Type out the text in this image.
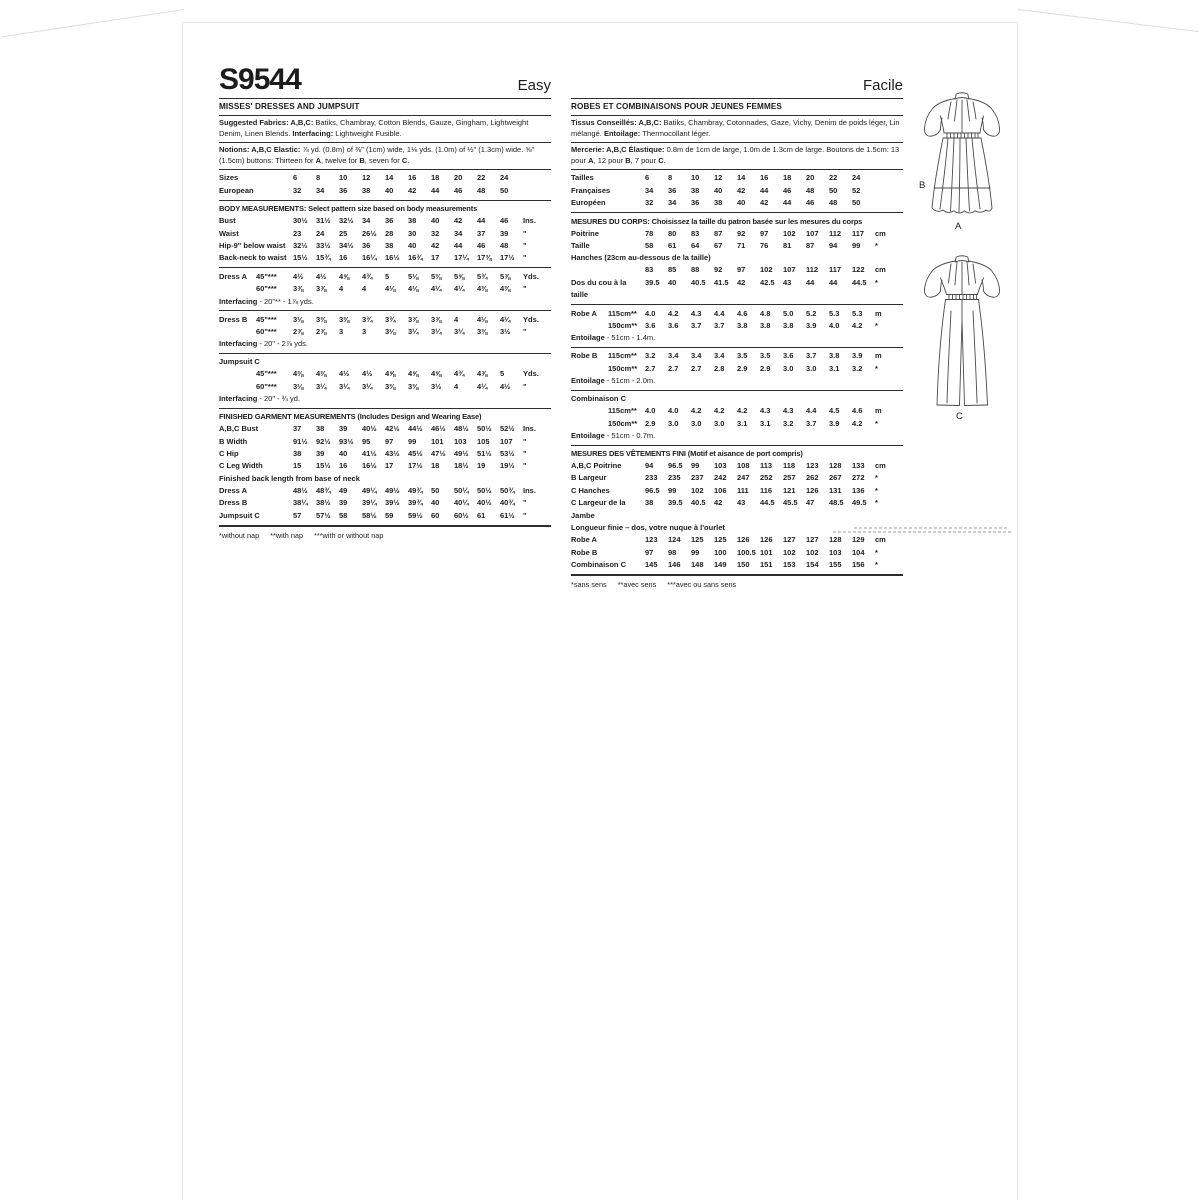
S9544	Easy
MISSES' DRESSES AND JUMPSUIT
Suggested Fabrics: A,B,C: Batiks, Chambray, Cotton Blends, Gauze, Gingham, Lightweight Denim, Linen Blends. Interfacing: Lightweight Fusible.
Notions: A,B,C Elastic: ⅞ yd. (0.8m) of ⅜" (1cm) wide, 1⅛ yds. (1.0m) of ½" (1.3cm) wide. ⅝" (1.5cm) buttons: Thirteen for A, twelve for B, seven for C.
Sizes	6	8	10	12	14	16	18	20	22	24
European	32	34	36	38	40	42	44	46	48	50
BODY MEASUREMENTS: Select pattern size based on body measurements
Bust	30½	31½	32½	34	36	38	40	42	44	46	Ins.
Waist	23	24	25	26½	28	30	32	34	37	39	"
Hip-9" below waist	32½	33½	34½	36	38	40	42	44	46	48	"
Back-neck to waist 15½	15¾	16	16¼	16½	16¾	17	17¼	17⅜	17½	"
Dress A	45"***	4½	4½	4⅝	4¾	5	5⅛	5⅜	5⅝	5¾	5⅞	Yds.
60"***	3⅞	3⅞	4	4	4⅛	4⅛	4¼	4¼	4⅜	4⅜	"
Interfacing - 20"** - 1⅞ yds.
Dress B	45"***	3⅛	3⅜	3⅜	3¾	3¾	3⅞	3⅞	4	4⅛	4¼	Yds.
60"***	2⅞	2⅞	3	3	3⅛	3¼	3¼	3¼	3⅜	3½	"
Interfacing - 20" - 2⅞ yds.
Jumpsuit C
45"***	4⅜	4⅜	4½	4½	4⅝	4⅝	4⅝	4¾	4⅞	5	Yds.
60"***	3⅛	3¼	3¼	3¼	3⅜	3⅜	3½	4	4¼	4½	"
Interfacing - 20" - ¾ yd.
FINISHED GARMENT MEASUREMENTS (Includes Design and Wearing Ease)
A,B,C Bust	37	38	39	40½	42½	44½	46½	48½	50½	52½	Ins.
B Width	91½	92½	93½	95	97	99	101	103	105	107	"
C Hip	38	39	40	41½	43½	45½	47½	49½	51½	53½	"
C Leg Width	15	15½	16	16½	17	17½	18	18½	19	19½	"
Finished back length from base of neck
Dress A	48½	48¾	49	49¼	49½	49¾	50	50¼	50½	50¾	Ins.
Dress B	38¼	38½	39	39¼	39½	39¾	40	40¼	40½	40¾	"
Jumpsuit C	57	57½	58	58½	59	59½	60	60½	61	61½	"
*without nap **with nap ***with or without nap
Facile
ROBES ET COMBINAISONS POUR JEUNES FEMMES
Tissus Conseillés: A,B,C: Batiks, Chambray, Cotonnades, Gaze, Vichy, Denim de poids léger, Lin mélangé. Entoilage: Thermocollant léger.
Mercerie: A,B,C Élastique: 0.8m de 1cm de large, 1.0m de 1.3cm de large. Boutons de 1.5cm: 13 pour A, 12 pour B, 7 pour C.
Tailles	6	8	10	12	14	16	18	20	22	24
Françaises	34	36	38	40	42	44	46	48	50	52
Européen	32	34	36	38	40	42	44	46	48	50
MESURES DU CORPS: Choisissez la taille du patron basée sur les mesures du corps
Poitrine	78	80	83	87	92	97	102	107	112	117	cm
Taille	58	61	64	67	71	76	81	87	94	99	*
Hanches (23cm au-dessous de la taille)
83	85	88	92	97	102	107	112	117	122	cm
Dos du cou à la taille
39.5	40	40.5	41.5	42	42.5	43	44	44	44.5	*
Robe A	115cm**	4.0	4.2	4.3	4.4	4.6	4.8	5.0	5.2	5.3	5.3	m
150cm**	3.6	3.6	3.7	3.7	3.8	3.8	3.8	3.9	4.0	4.2	*
Entoilage - 51cm - 1.4m.
Robe B	115cm**	3.2	3.4	3.4	3.4	3.5	3.5	3.6	3.7	3.8	3.9	m
150cm**	2.7	2.7	2.7	2.8	2.9	2.9	3.0	3.0	3.1	3.2	*
Entoilage - 51cm - 2.0m.
Combinaison C
115cm**	4.0	4.0	4.2	4.2	4.2	4.3	4.3	4.4	4.5	4.6	m
150cm**	2.9	3.0	3.0	3.0	3.1	3.1	3.2	3.7	3.9	4.2	*
Entoilage - 51cm - 0.7m.
MESURES DES VÊTEMENTS FINI (Motif et aisance de port compris)
A,B,C Poitrine	94	96.5	99	103	108	113	118	123	128	133	cm
B Largeur	233	235	237	242	247	252	257	262	267	272	*
C Hanches	96.5	99	102	106	111	116	121	126	131	136	*
C Largeur de la Jambe
38	39.5	40.5	42	43	44.5	45.5	47	48.5	49.5	*
Longueur finie – dos, votre nuque à l'ourlet
Robe A	123	124	125	125	126	126	127	127	128	129	cm
Robe B	97	98	99	100	100.5 101	102	102	103	104	*
Combinaison C	145	146	148	149	150	151	153	154	155	156	*
*sans sens **avec sens ***avec ou sans sens
B
A
C
